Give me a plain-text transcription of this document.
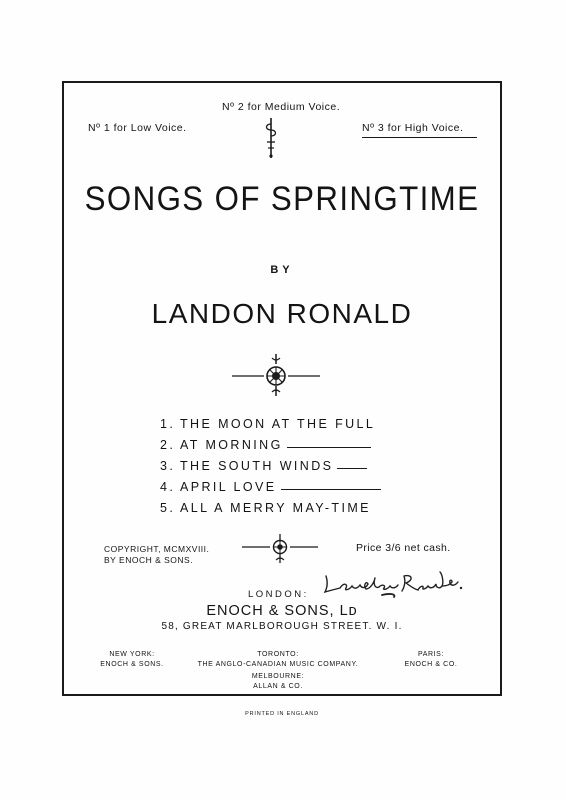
Nº 2 for Medium Voice.
Nº 1 for Low Voice.	Nº 3 for High Voice.
SONGS OF SPRINGTIME
BY
LANDON RONALD
1. THE MOON AT THE FULL
2. AT MORNING
3. THE SOUTH WINDS
4. APRIL LOVE
5. ALL A MERRY MAY-TIME
COPYRIGHT, MCMXVIII.
BY ENOCH & SONS.
Price 3/6 net cash.
LONDON:
ENOCH & SONS, Lᴅ
58, GREAT MARLBOROUGH STREET. W. I.
NEW YORK:
ENOCH & SONS.
TORONTO:
THE ANGLO-CANADIAN MUSIC COMPANY.
PARIS:
ENOCH & CO.
MELBOURNE:
ALLAN & CO.
PRINTED IN ENGLAND
